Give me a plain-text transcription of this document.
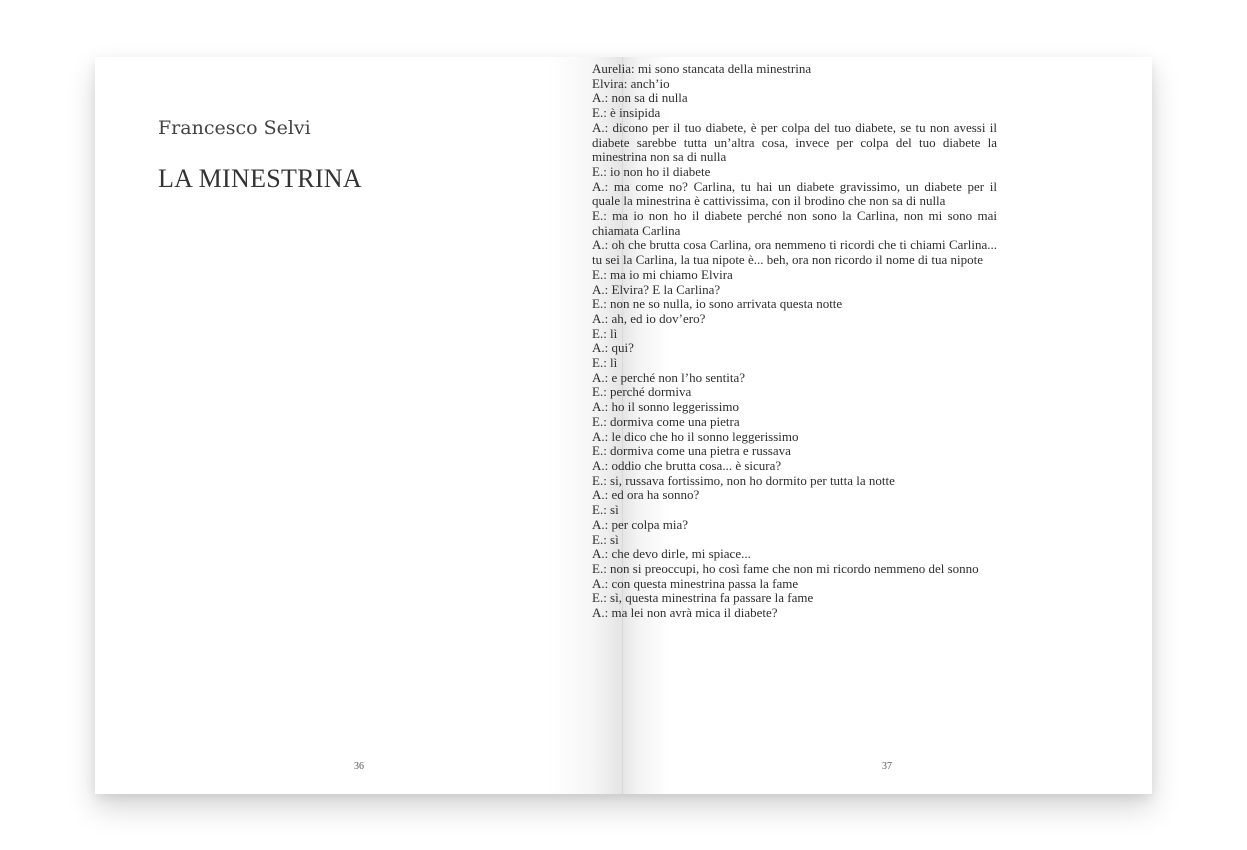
Francesco Selvi

LA MINESTRINA
36	37
Aurelia: mi sono stancata della minestrina
Elvira: anch’io
A.: non sa di nulla
E.: è insipida
A.: dicono per il tuo diabete, è per colpa del tuo diabete, se tu non avessi il diabete sarebbe tutta un’altra cosa, invece per colpa del tuo diabete la minestrina non sa di nulla
E.: io non ho il diabete
A.: ma come no? Carlina, tu hai un diabete gravissimo, un diabete per il quale la minestrina è cattivissima, con il brodino che non sa di nulla
E.: ma io non ho il diabete perché non sono la Carlina, non mi sono mai chiamata Carlina
A.: oh che brutta cosa Carlina, ora nemmeno ti ricordi che ti chiami Carlina... tu sei la Carlina, la tua nipote è... beh, ora non ricordo il nome di tua nipote
E.: ma io mi chiamo Elvira
A.: Elvira? E la Carlina?
E.: non ne so nulla, io sono arrivata questa notte
A.: ah, ed io dov’ero?
E.: lì
A.: qui?
E.: lì
A.: e perché non l’ho sentita?
E.: perché dormiva
A.: ho il sonno leggerissimo
E.: dormiva come una pietra
A.: le dico che ho il sonno leggerissimo
E.: dormiva come una pietra e russava
A.: oddio che brutta cosa... è sicura?
E.: si, russava fortissimo, non ho dormito per tutta la notte
A.: ed ora ha sonno?
E.: sì
A.: per colpa mia?
E.: sì
A.: che devo dirle, mi spiace...
E.: non si preoccupi, ho così fame che non mi ricordo nemmeno del sonno
A.: con questa minestrina passa la fame
E.: sì, questa minestrina fa passare la fame
A.: ma lei non avrà mica il diabete?
